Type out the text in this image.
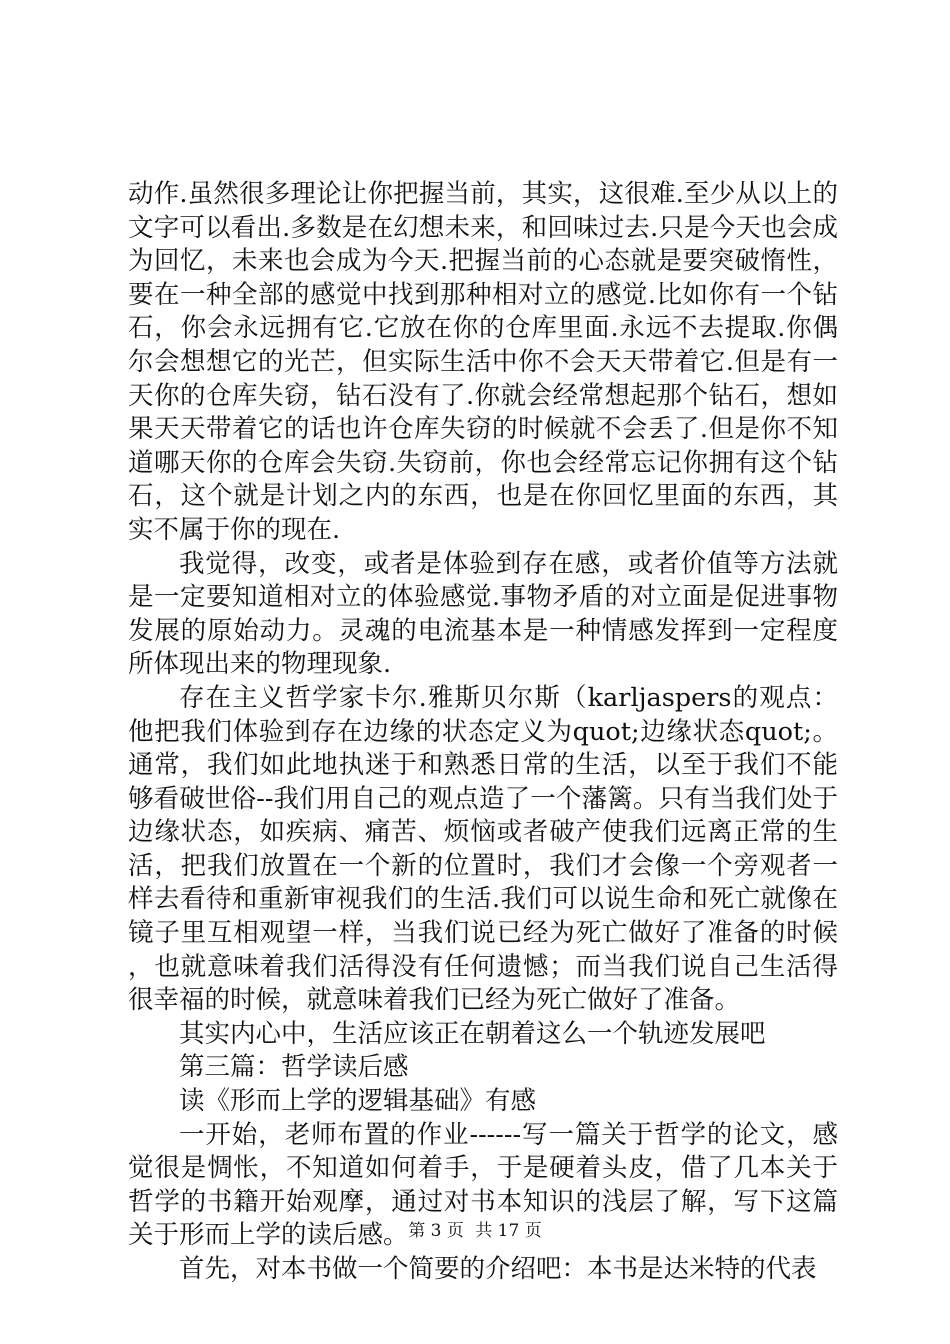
动作.虽然很多理论让你把握当前，其实，这很难.至少从以上的文字可以看出.多数是在幻想未来，和回味过去.只是今天也会成为回忆，未来也会成为今天.把握当前的心态就是要突破惰性，要在一种全部的感觉中找到那种相对立的感觉.比如你有一个钻石，你会永远拥有它.它放在你的仓库里面.永远不去提取.你偶尔会想想它的光芒，但实际生活中你不会天天带着它.但是有一天你的仓库失窃，钻石没有了.你就会经常想起那个钻石，想如果天天带着它的话也许仓库失窃的时候就不会丢了.但是你不知道哪天你的仓库会失窃.失窃前，你也会经常忘记你拥有这个钻石，这个就是计划之内的东西，也是在你回忆里面的东西，其实不属于你的现在.

我觉得，改变，或者是体验到存在感，或者价值等方法就是一定要知道相对立的体验感觉.事物矛盾的对立面是促进事物发展的原始动力。灵魂的电流基本是一种情感发挥到一定程度所体现出来的物理现象.

存在主义哲学家卡尔.雅斯贝尔斯（karljaspers的观点：他把我们体验到存在边缘的状态定义为quot;边缘状态quot;。通常，我们如此地执迷于和熟悉日常的生活，以至于我们不能够看破世俗--我们用自己的观点造了一个藩篱。只有当我们处于边缘状态，如疾病、痛苦、烦恼或者破产使我们远离正常的生活，把我们放置在一个新的位置时，我们才会像一个旁观者一样去看待和重新审视我们的生活.我们可以说生命和死亡就像在镜子里互相观望一样，当我们说已经为死亡做好了准备的时候，也就意味着我们活得没有任何遗憾；而当我们说自己生活得很幸福的时候，就意味着我们已经为死亡做好了准备。

其实内心中，生活应该正在朝着这么一个轨迹发展吧

第三篇：哲学读后感

读《形而上学的逻辑基础》有感

一开始，老师布置的作业------写一篇关于哲学的论文，感觉很是惆怅，不知道如何着手，于是硬着头皮，借了几本关于哲学的书籍开始观摩，通过对书本知识的浅层了解，写下这篇关于形而上学的读后感。

首先，对本书做一个简要的介绍吧：本书是达米特的代表

第 3 页 共 17 页
